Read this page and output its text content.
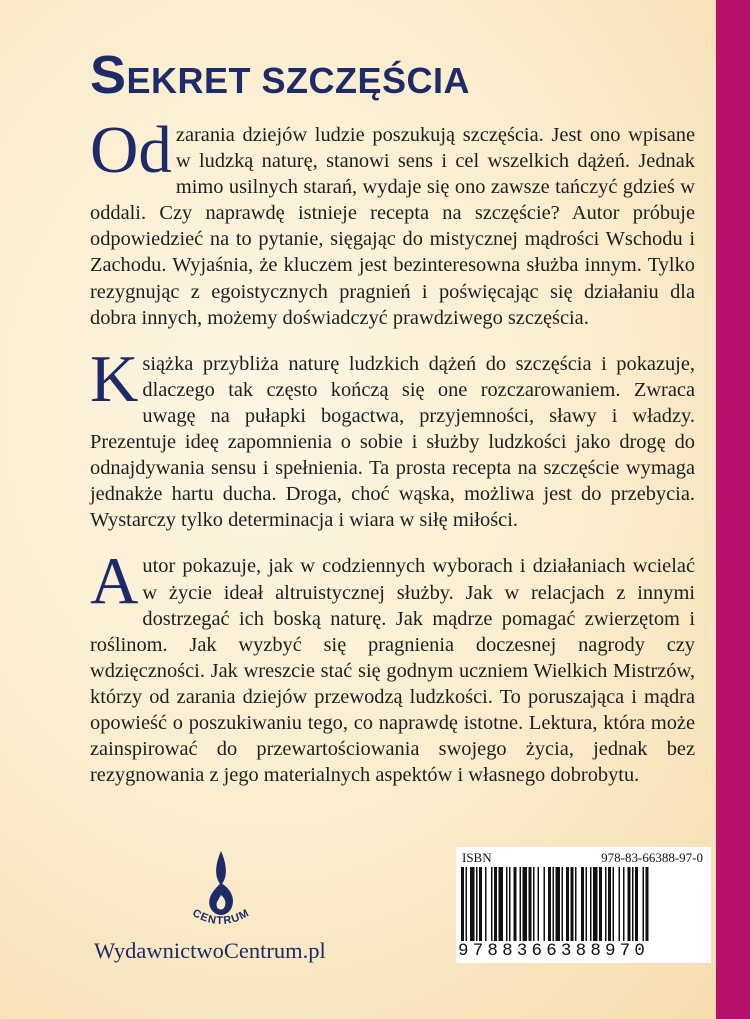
SEKRET SZCZĘŚCIA

Od zarania dziejów ludzie poszukują szczęścia. Jest ono wpisane w ludzką naturę, stanowi sens i cel wszelkich dążeń. Jednak mimo usilnych starań, wydaje się ono zawsze tańczyć gdzieś w oddali. Czy naprawdę istnieje recepta na szczęście? Autor próbuje odpowiedzieć na to pytanie, sięgając do mistycznej mądrości Wschodu i Zachodu. Wyjaśnia, że kluczem jest bezinteresowna służba innym. Tylko rezygnując z egoistycznych pragnień i poświęcając się działaniu dla dobra innych, możemy doświadczyć prawdziwego szczęścia.

Książka przybliża naturę ludzkich dążeń do szczęścia i pokazuje, dlaczego tak często kończą się one rozczarowaniem. Zwraca uwagę na pułapki bogactwa, przyjemności, sławy i władzy. Prezentuje ideę zapomnienia o sobie i służby ludzkości jako drogę do odnajdywania sensu i spełnienia. Ta prosta recepta na szczęście wymaga jednakże hartu ducha. Droga, choć wąska, możliwa jest do przebycia. Wystarczy tylko determinacja i wiara w siłę miłości.

Autor pokazuje, jak w codziennych wyborach i działaniach wcielać w życie ideał altruistycznej służby. Jak w relacjach z innymi dostrzegać ich boską naturę. Jak mądrze pomagać zwierzętom i roślinom. Jak wyzbyć się pragnienia doczesnej nagrody czy wdzięczności. Jak wreszcie stać się godnym uczniem Wielkich Mistrzów, którzy od zarania dziejów przewodzą ludzkości. To poruszająca i mądra opowieść o poszukiwaniu tego, co naprawdę istotne. Lektura, która może zainspirować do przewartościowania swojego życia, jednak bez rezygnowania z jego materialnych aspektów i własnego dobrobytu.

CENTRUM

WydawnictwoCentrum.pl

ISBN	978-83-66388-97-0

9788366388970
